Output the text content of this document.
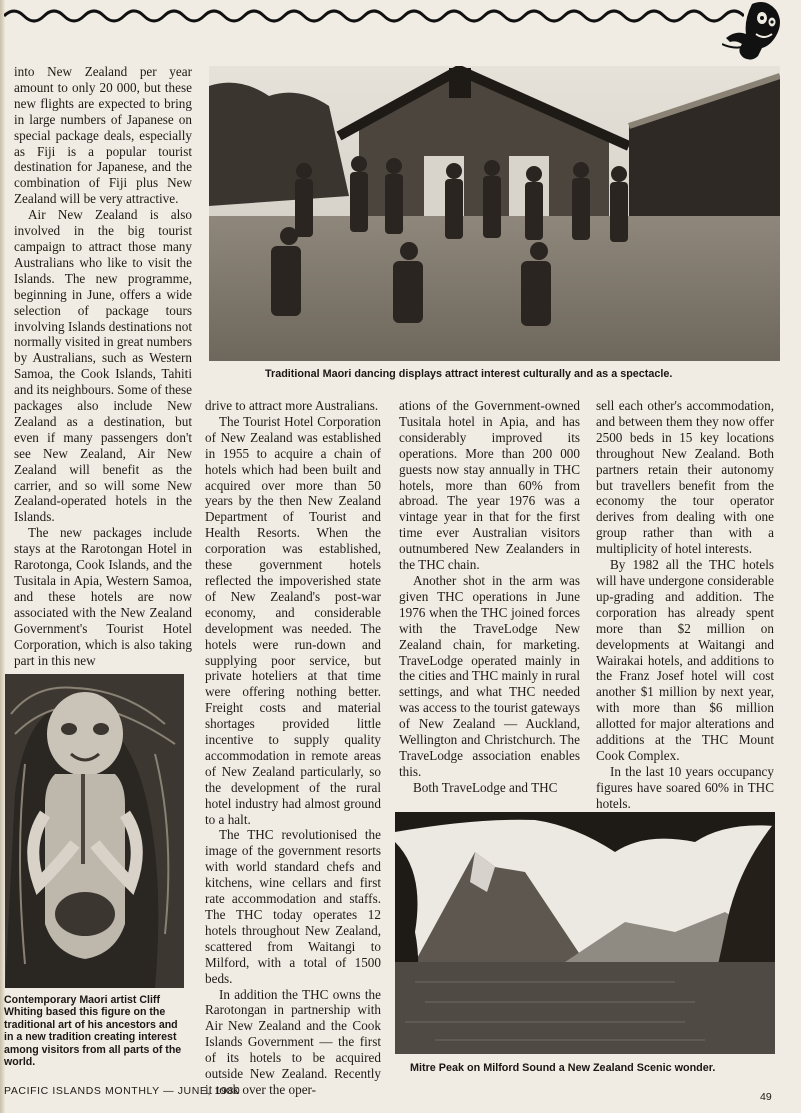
into New Zealand per year amount to only 20 000, but these new flights are expected to bring in large numbers of Japanese on special package deals, especially as Fiji is a popular tourist destination for Japanese, and the combination of Fiji plus New Zealand will be very attractive.

Air New Zealand is also involved in the big tourist campaign to attract those many Australians who like to visit the Islands. The new programme, beginning in June, offers a wide selection of package tours involving Islands destinations not normally visited in great numbers by Australians, such as Western Samoa, the Cook Islands, Tahiti and its neighbours. Some of these packages also include New Zealand as a destination, but even if many passengers don't see New Zealand, Air New Zealand will benefit as the carrier, and so will some New Zealand-operated hotels in the Islands.

The new packages include stays at the Rarotongan Hotel in Rarotonga, Cook Islands, and the Tusitala in Apia, Western Samoa, and these hotels are now associated with the New Zealand Government's Tourist Hotel Corporation, which is also taking part in this new

Traditional Maori dancing displays attract interest culturally and as a spectacle.
Contemporary Maori artist Cliff Whiting based this figure on the traditional art of his ancestors and in a new tradition creating interest among visitors from all parts of the world.

drive to attract more Australians.

The Tourist Hotel Corporation of New Zealand was established in 1955 to acquire a chain of hotels which had been built and acquired over more than 50 years by the then New Zealand Department of Tourist and Health Resorts. When the corporation was established, these government hotels reflected the impoverished state of New Zealand's post-war economy, and considerable development was needed. The hotels were run-down and supplying poor service, but private hoteliers at that time were offering nothing better. Freight costs and material shortages provided little incentive to supply quality accommodation in remote areas of New Zealand particularly, so the development of the rural hotel industry had almost ground to a halt.

The THC revolutionised the image of the government resorts with world standard chefs and kitchens, wine cellars and first rate accommodation and staffs. The THC today operates 12 hotels throughout New Zealand, scattered from Waitangi to Milford, with a total of 1500 beds.

In addition the THC owns the Rarotongan in partnership with Air New Zealand and the Cook Islands Government — the first of its hotels to be acquired outside New Zealand. Recently it took over the oper-

ations of the Government-owned Tusitala hotel in Apia, and has considerably improved its operations. More than 200 000 guests now stay annually in THC hotels, more than 60% from abroad. The year 1976 was a vintage year in that for the first time ever Australian visitors outnumbered New Zealanders in the THC chain.

Another shot in the arm was given THC operations in June 1976 when the THC joined forces with the TraveLodge New Zealand chain, for marketing. TraveLodge operated mainly in the cities and THC mainly in rural settings, and what THC needed was access to the tourist gateways of New Zealand — Auckland, Wellington and Christchurch. The TraveLodge association enables this.

Both TraveLodge and THC

sell each other's accommodation, and between them they now offer 2500 beds in 15 key locations throughout New Zealand. Both partners retain their autonomy but travellers benefit from the economy the tour operator derives from dealing with one group rather than with a multiplicity of hotel interests.

By 1982 all the THC hotels will have undergone considerable up-grading and addition. The corporation has already spent more than $2 million on developments at Waitangi and Wairakai hotels, and additions to the Franz Josef hotel will cost another $1 million by next year, with more than $6 million allotted for major alterations and additions at the THC Mount Cook Complex.

In the last 10 years occupancy figures have soared 60% in THC hotels.

Mitre Peak on Milford Sound a New Zealand Scenic wonder.
PACIFIC ISLANDS MONTHLY — JUNE, 1980	49
